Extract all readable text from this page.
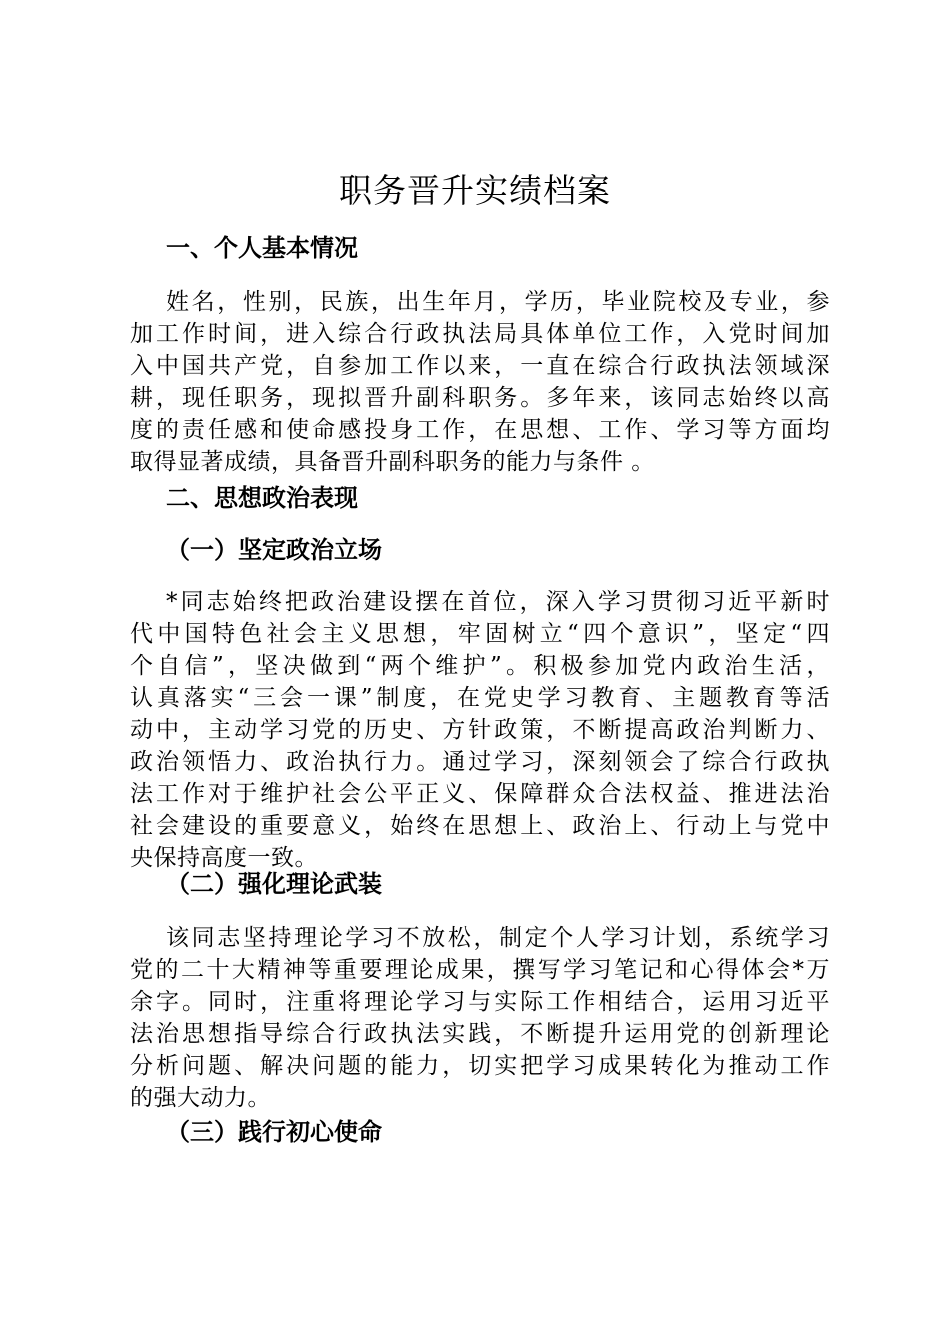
职务晋升实绩档案
一、个人基本情况
姓名，性别，民族，出生年月，学历，毕业院校及专业，参
加工作时间，进入综合行政执法局具体单位工作，入党时间加
入中国共产党，自参加工作以来，一直在综合行政执法领域深
耕，现任职务，现拟晋升副科职务。多年来，该同志始终以高
度的责任感和使命感投身工作，在思想、工作、学习等方面均
取得显著成绩，具备晋升副科职务的能力与条件 。
二、思想政治表现
（一）坚定政治立场
*同志始终把政治建设摆在首位，深入学习贯彻习近平新时
代中国特色社会主义思想，牢固树立“四个意识”，坚定“四
个自信”，坚决做到“两个维护”。积极参加党内政治生活，
认真落实“三会一课”制度，在党史学习教育、主题教育等活
动中，主动学习党的历史、方针政策，不断提高政治判断力、
政治领悟力、政治执行力。通过学习，深刻领会了综合行政执
法工作对于维护社会公平正义、保障群众合法权益、推进法治
社会建设的重要意义，始终在思想上、政治上、行动上与党中
央保持高度一致。
（二）强化理论武装
该同志坚持理论学习不放松，制定个人学习计划，系统学习
党的二十大精神等重要理论成果，撰写学习笔记和心得体会*万
余字。同时，注重将理论学习与实际工作相结合，运用习近平
法治思想指导综合行政执法实践，不断提升运用党的创新理论
分析问题、解决问题的能力，切实把学习成果转化为推动工作
的强大动力。
（三）践行初心使命
